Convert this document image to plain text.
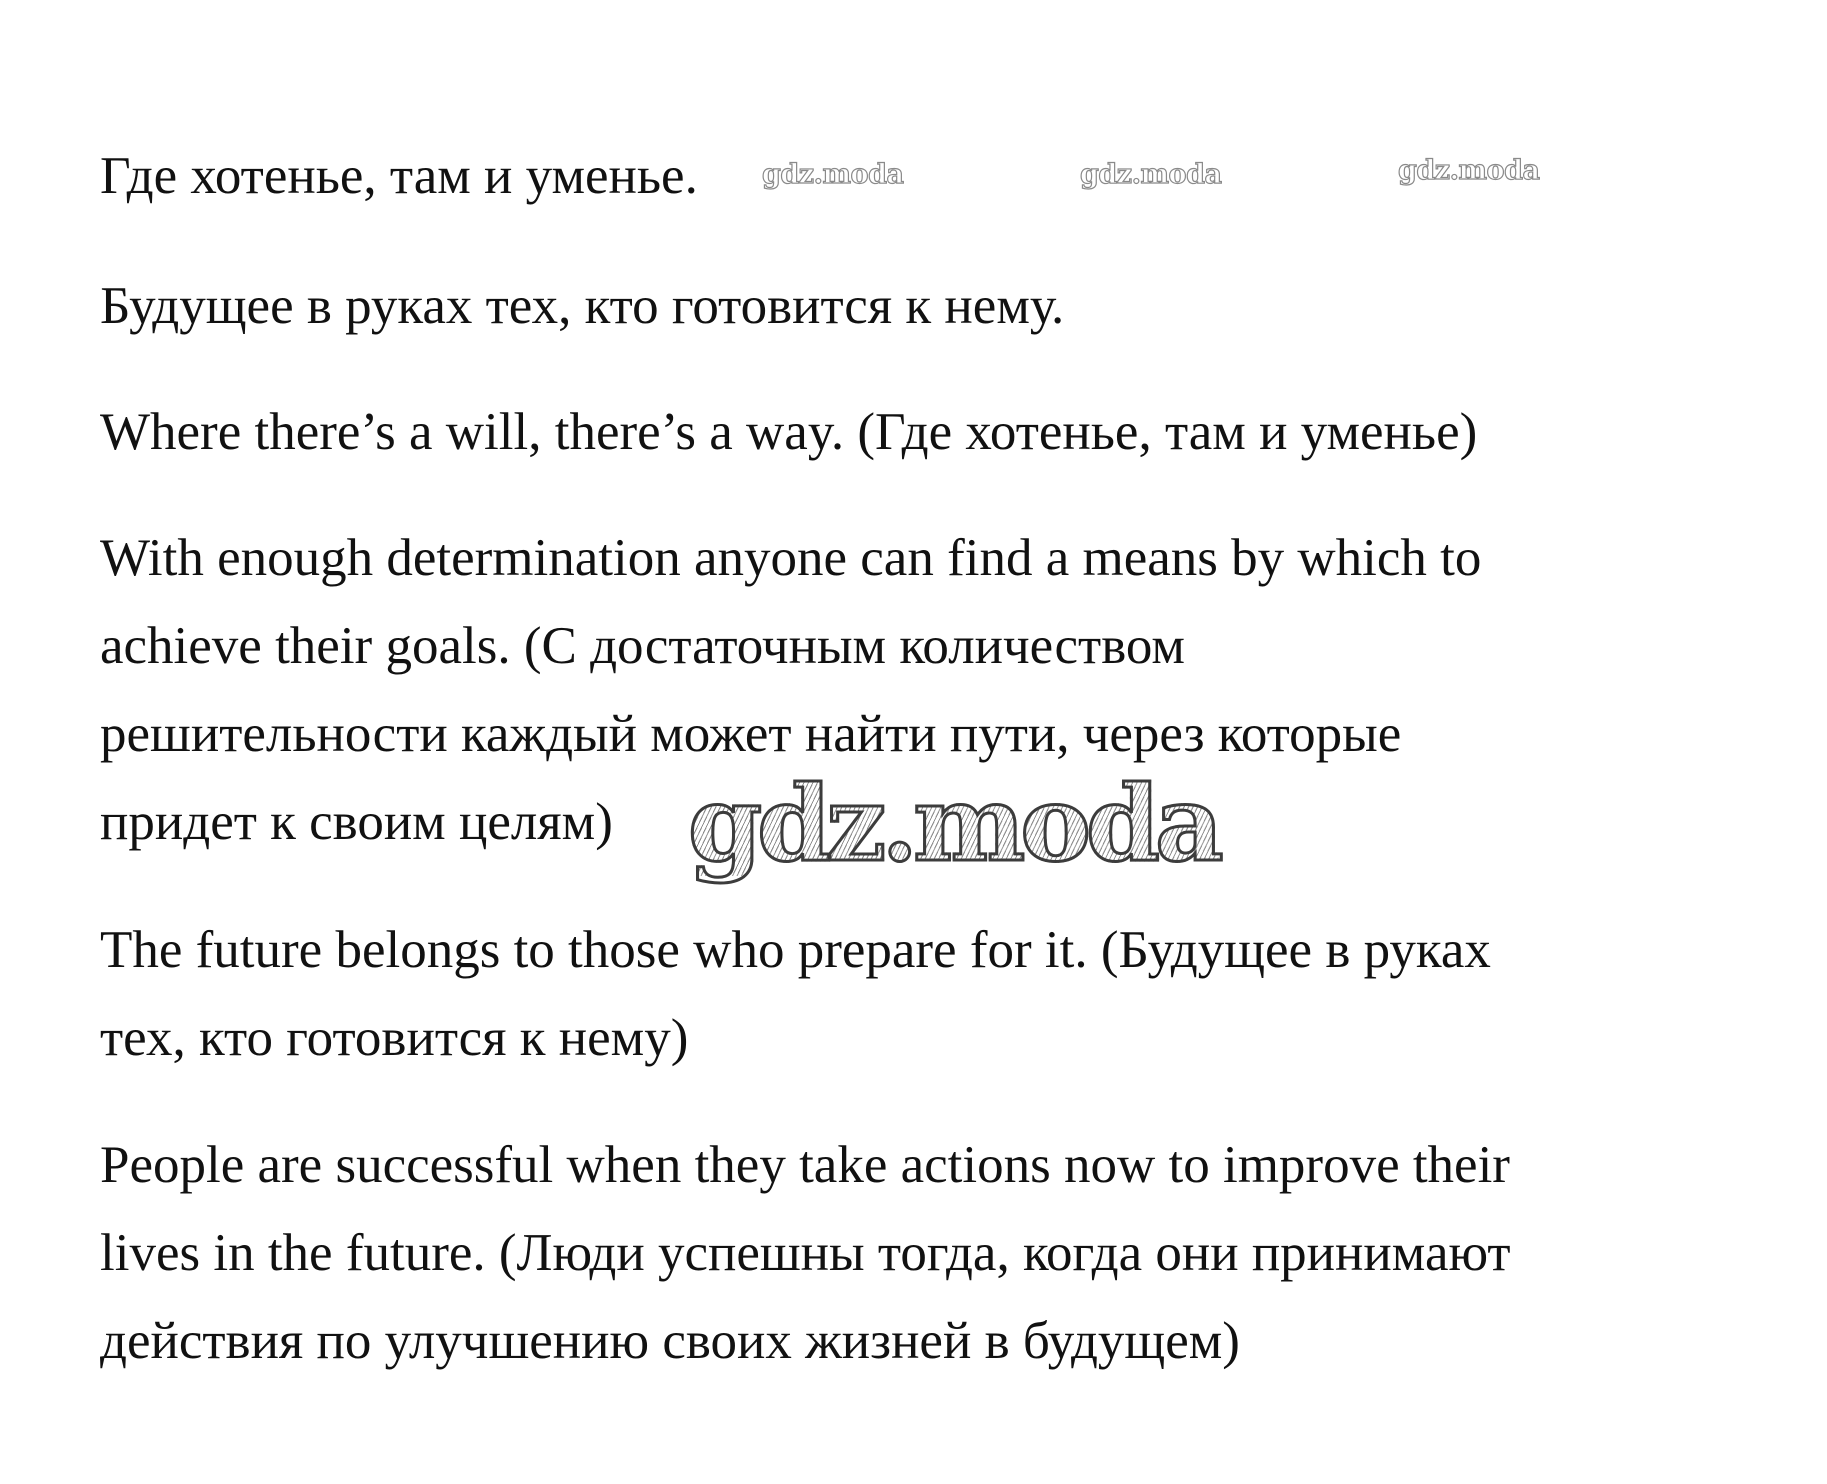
Где хотенье, там и уменье.	gdz.moda	gdz.moda	gdz.moda

Будущее в руках тех, кто готовится к нему.

Where there’s a will, there’s a way. (Где хотенье, там и уменье)

With enough determination anyone can find a means by which to
achieve their goals. (С достаточным количеством
решительности каждый может найти пути, через которые
придет к своим целям) gdz.moda

The future belongs to those who prepare for it. (Будущее в руках
тех, кто готовится к нему)

People are successful when they take actions now to improve their
lives in the future. (Люди успешны тогда, когда они принимают
действия по улучшению своих жизней в будущем)
